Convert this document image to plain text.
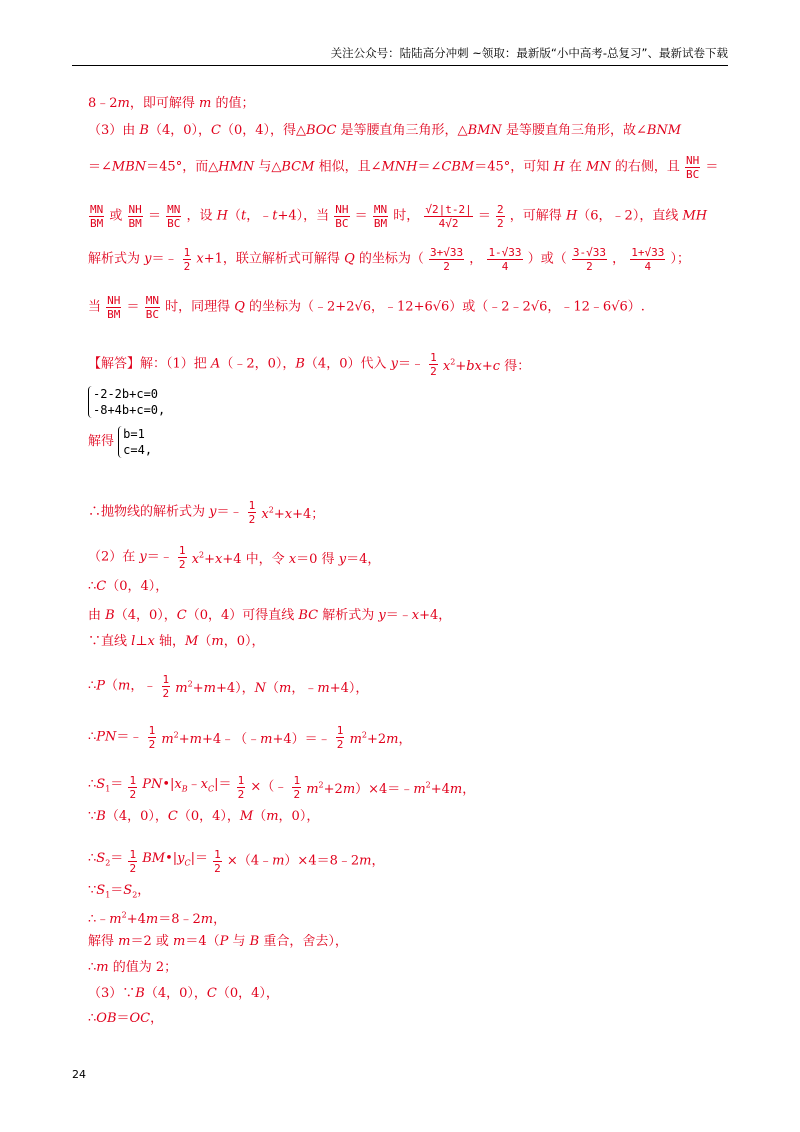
关注公众号：陆陆高分冲刺 ~领取：最新版“小中高考-总复习”、最新试卷下载
8﹣2m，即可解得 m 的值；
（3）由 B（4，0），C（0，4），得△BOC 是等腰直角三角形，△BMN 是等腰直角三角形，故∠BNM
＝∠MBN＝45°，而△HMN 与△BCM 相似，且∠MNH＝∠CBM＝45°，可知 H 在 MN 的右侧，且 $\frac{NH}{BC}$ ＝
$\frac{MN}{BM}$ 或 $\frac{NH}{BM} = \frac{MN}{BC}$ ，设 H（t，﹣t+4），当 $\frac{NH}{BC} = \frac{MN}{BM}$ 时， $\frac{√2|t-2|}{4√2} = \frac{2}{2}$ ，可解得 H（6，﹣2），直线 MH
解析式为 y＝﹣ $\frac{1}{2} x+1$，联立解析式可解得 Q 的坐标为（ $\frac{3+√33}{2}$ ， $\frac{1-√33}{4}$ ）或（ $\frac{3-√33}{2}$ ， $\frac{1+√33}{4}$ ）；
当 $\frac{NH}{BM} = \frac{MN}{BC}$ 时，同理得 Q 的坐标为（﹣2+2√6，﹣12+6√6）或（﹣2﹣2√6，﹣12﹣6√6）.
【解答】解：（1）把 A（﹣2，0），B（4，0）代入 y＝﹣ $\frac{1}{2} x^2+bx+c$ 得：
-2-2b+c=0
-8+4b+c=0,
解得 b=1
c=4,
∴抛物线的解析式为 y＝﹣ $\frac{1}{2} x^2+x+4$；
（2）在 y＝﹣ $\frac{1}{2} x^2+x+4$ 中，令 x＝0 得 y＝4，
∴C（0，4），
由 B（4，0），C（0，4）可得直线 BC 解析式为 y＝﹣x+4，
∵直线 l⊥x 轴，M（m，0），
∴P（m，﹣ $\frac{1}{2} m^2+m+4$），N（m，﹣m+4），
∴PN＝﹣ $\frac{1}{2}$ $m^2+m+4﹣(﹣m+4)=﹣ \frac{1}{2} m^2+2m$，
$\therefore S_1= \frac{1}{2}$ $PN•|x_B﹣x_C|= \frac{1}{2}$ ×（﹣ $\frac{1}{2}$ $m^2+2m)\times 4=﹣m^2+4m$，
∵B（4，0），C（0，4），M（m，0），
$\therefore S_2= \frac{1}{2}$ $BM•|y_C|= \frac{1}{2}$ ×（4﹣m）×4＝8﹣2m，
$\because S_1=S_2$，
$\therefore﹣m^2+4m=8﹣2m$，
解得 m＝2 或 m＝4（P 与 B 重合，舍去），
∴m 的值为 2；
（3）∵B（4，0），C（0，4），
∴OB＝OC，
24
